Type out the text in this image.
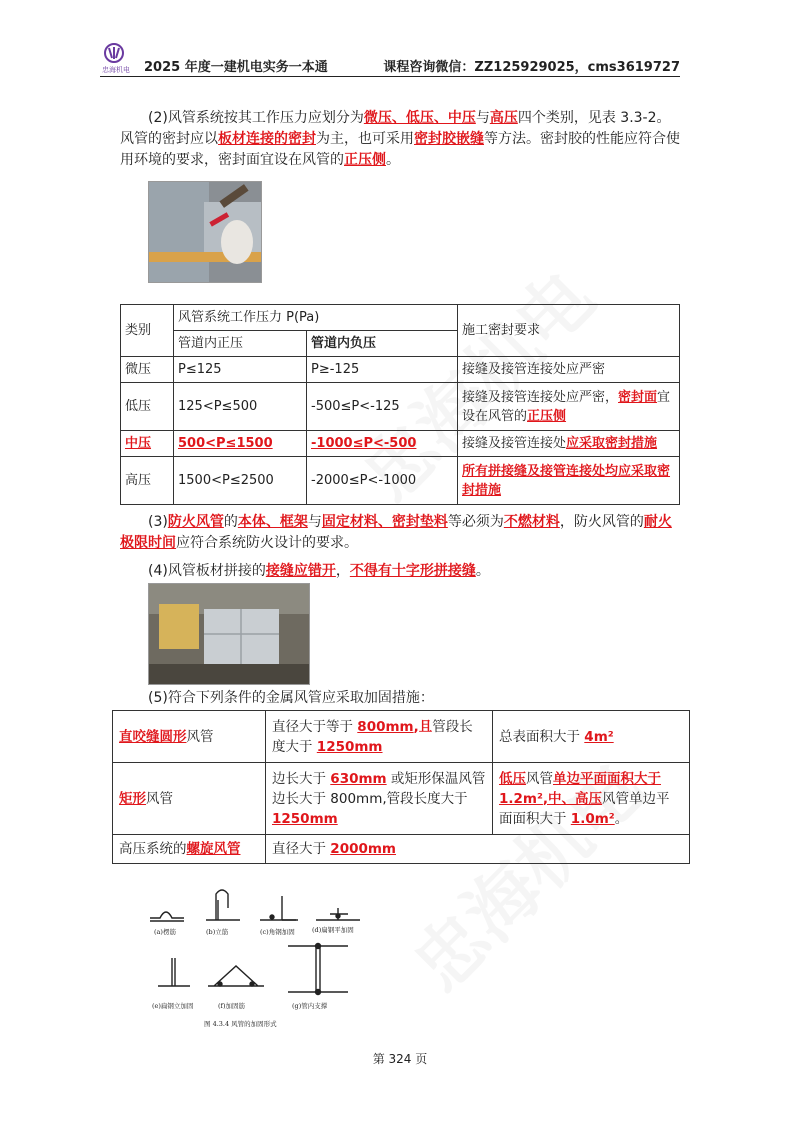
忠海机电 2025 年度一建机电实务一本通	课程咨询微信：ZZ125929025，cms3619727
(2)风管系统按其工作压力应划分为微压、低压、中压与高压四个类别，见表 3.3-2。风管的密封应以板材连接的密封为主，也可采用密封胶嵌缝等方法。密封胶的性能应符合使用环境的要求，密封面宜设在风管的正压侧。
类别	风管系统工作压力 P(Pa)		施工密封要求
	管道内正压	管道内负压	
微压	P≤125	P≥-125	接缝及接管连接处应严密
低压	125<P≤500	-500≤P<-125	接缝及接管连接处应严密，密封面宜设在风管的正压侧
中压	500<P≤1500	-1000≤P<-500	接缝及接管连接处应采取密封措施
高压	1500<P≤2500	-2000≤P<-1000	所有拼接缝及接管连接处均应采取密封措施
(3)防火风管的本体、框架与固定材料、密封垫料等必须为不燃材料，防火风管的耐火极限时间应符合系统防火设计的要求。
(4)风管板材拼接的接缝应错开，不得有十字形拼接缝。
(5)符合下列条件的金属风管应采取加固措施：
直咬缝圆形风管	直径大于等于 800mm,且管段长度大于 1250mm	总表面积大于 4m²
矩形风管	边长大于 630mm 或矩形保温风管边长大于 800mm,管段长度大于 1250mm	低压风管单边平面面积大于 1.2m²,中、高压风管单边平面面积大于 1.0m²。
高压系统的螺旋风管	直径大于 2000mm	
(a)楞筋	(b)立筋	(c)角钢加固	(d)扁钢平加固
(e)扁钢立加固	(f)加固筋	(g)管内支撑
图 4.3.4 风管的加固形式
第 324 页
